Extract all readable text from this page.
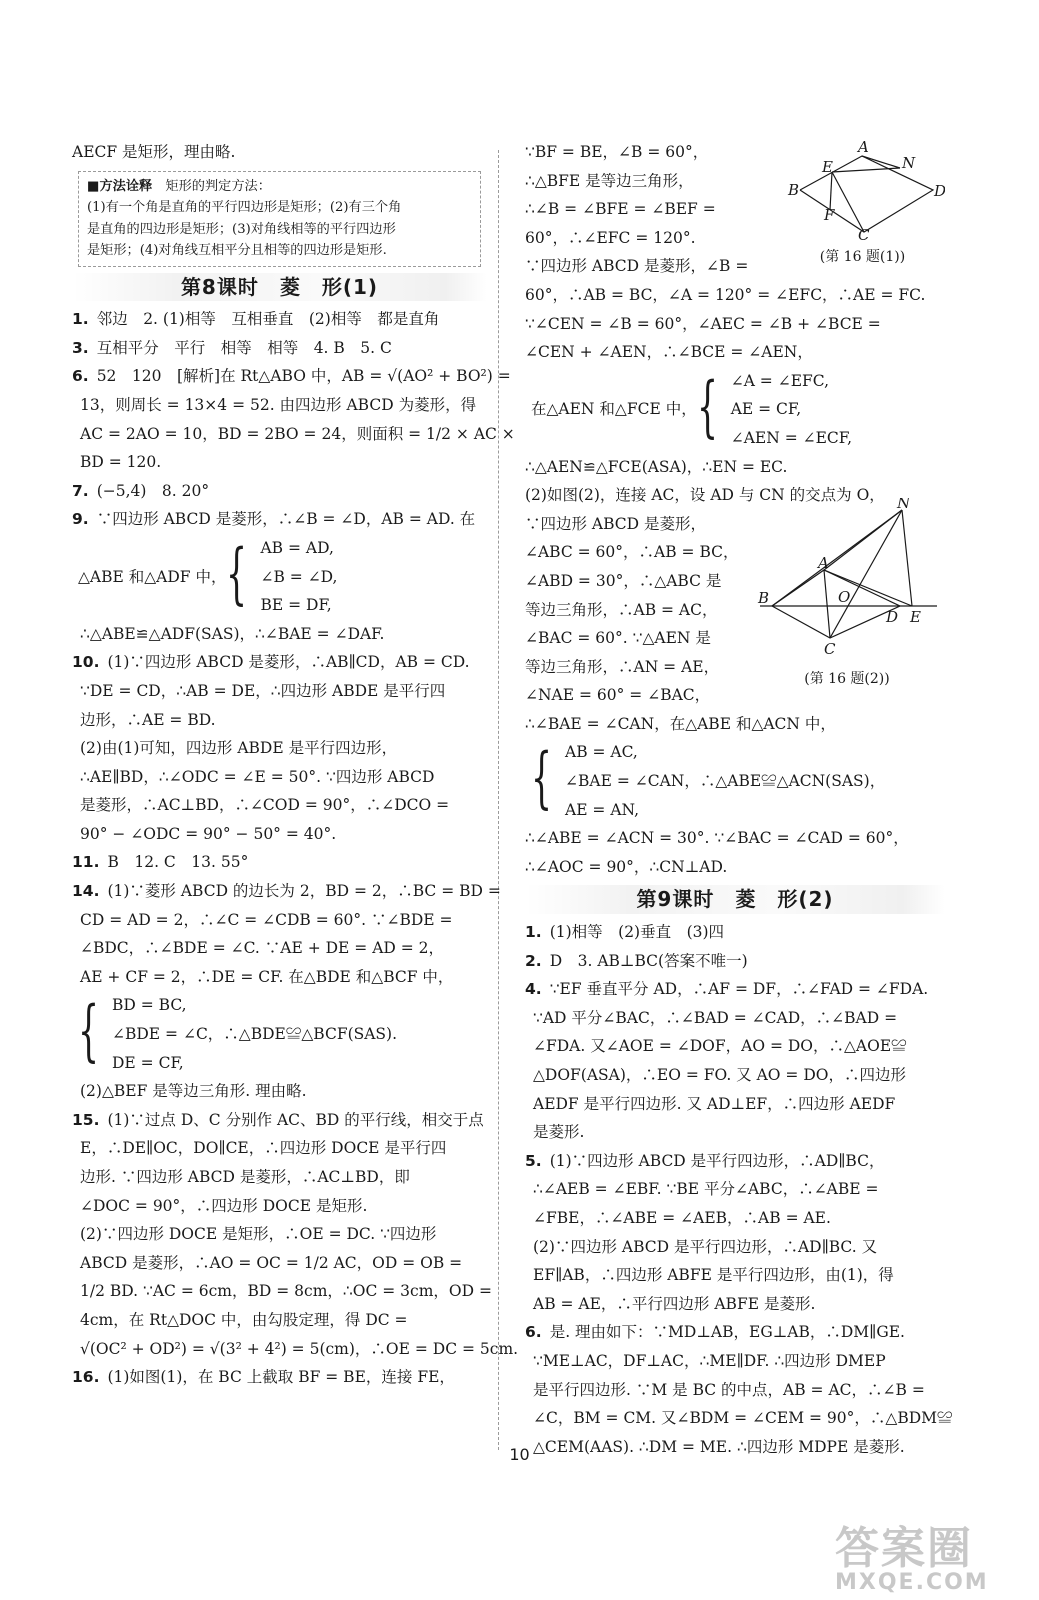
AECF 是矩形，理由略.
■方法诠释　 矩形的判定方法：
(1)有一个角是直角的平行四边形是矩形；(2)有三个角
是直角的四边形是矩形；(3)对角线相等的平行四边形
是矩形；(4)对角线互相平分且相等的四边形是矩形.
第8课时　菱　形(1)
1. 邻边　2. (1)相等　互相垂直　(2)相等　都是直角
3. 互相平分　平行　相等　相等　4. B　5. C
6. 52　120　[解析]在 Rt△ABO 中，AB = √(AO² + BO²) =
13，则周长 = 13×4 = 52. 由四边形 ABCD 为菱形，得
AC = 2AO = 10，BD = 2BO = 24，则面积 = 1/2 × AC ×
BD = 120.
7. (−5,4)　8. 20°
9. ∵四边形 ABCD 是菱形，∴∠B = ∠D，AB = AD. 在
△ABE 和△ADF 中， { AB = AD,
∠B = ∠D,
BE = DF,
∴△ABE≌△ADF(SAS)，∴∠BAE = ∠DAF.
10. (1)∵四边形 ABCD 是菱形，∴AB∥CD，AB = CD.
∵DE = CD，∴AB = DE，∴四边形 ABDE 是平行四
边形，∴AE = BD.
(2)由(1)可知，四边形 ABDE 是平行四边形，
∴AE∥BD，∴∠ODC = ∠E = 50°. ∵四边形 ABCD
是菱形，∴AC⊥BD，∴∠COD = 90°，∴∠DCO =
90° − ∠ODC = 90° − 50° = 40°.
11. B　12. C　13. 55°
14. (1)∵菱形 ABCD 的边长为 2，BD = 2，∴BC = BD =
CD = AD = 2，∴∠C = ∠CDB = 60°. ∵∠BDE =
∠BDC，∴∠BDE = ∠C. ∵AE + DE = AD = 2，
AE + CF = 2，∴DE = CF. 在△BDE 和△BCF 中，
{ BD = BC,
∠BDE = ∠C，∴△BDE≌△BCF(SAS).
DE = CF,
(2)△BEF 是等边三角形. 理由略.
15. (1)∵过点 D、C 分别作 AC、BD 的平行线，相交于点
E，∴DE∥OC，DO∥CE，∴四边形 DOCE 是平行四
边形. ∵四边形 ABCD 是菱形，∴AC⊥BD，即
∠DOC = 90°，∴四边形 DOCE 是矩形.
(2)∵四边形 DOCE 是矩形，∴OE = DC. ∵四边形
ABCD 是菱形，∴AO = OC = 1/2 AC，OD = OB =
1/2 BD. ∵AC = 6cm，BD = 8cm，∴OC = 3cm，OD =
4cm，在 Rt△DOC 中，由勾股定理，得 DC =
√(OC² + OD²) = √(3² + 4²) = 5(cm)，∴OE = DC = 5cm.
16. (1)如图(1)，在 BC 上截取 BF = BE，连接 FE，
∵BF = BE，∠B = 60°，
∴△BFE 是等边三角形，
∴∠B = ∠BFE = ∠BEF =
60°，∴∠EFC = 120°.
∵四边形 ABCD 是菱形，∠B =
60°，∴AB = BC，∠A = 120° = ∠EFC，∴AE = FC.
∵∠CEN = ∠B = 60°，∠AEC = ∠B + ∠BCE =
∠CEN + ∠AEN，∴∠BCE = ∠AEN，
在△AEN 和△FCE 中， { ∠A = ∠EFC,
AE = CF,
∠AEN = ∠ECF,
∴△AEN≌△FCE(ASA)，∴EN = EC.
(2)如图(2)，连接 AC，设 AD 与 CN 的交点为 O，
∵四边形 ABCD 是菱形，
∠ABC = 60°，∴AB = BC，
∠ABD = 30°，∴△ABC 是
等边三角形，∴AB = AC，
∠BAC = 60°. ∵△AEN 是
等边三角形，∴AN = AE，
∠NAE = 60° = ∠BAC，
∴∠BAE = ∠CAN，在△ABE 和△ACN 中，
{ AB = AC,
∠BAE = ∠CAN，∴△ABE≌△ACN(SAS)，
AE = AN,
∴∠ABE = ∠ACN = 30°. ∵∠BAC = ∠CAD = 60°，
∴∠AOC = 90°，∴CN⊥AD.
第9课时　菱　形(2)
1. (1)相等　(2)垂直　(3)四
2. D　3. AB⊥BC(答案不唯一)
4. ∵EF 垂直平分 AD，∴AF = DF，∴∠FAD = ∠FDA.
∵AD 平分∠BAC，∴∠BAD = ∠CAD，∴∠BAD =
∠FDA. 又∠AOE = ∠DOF，AO = DO，∴△AOE≌
△DOF(ASA)，∴EO = FO. 又 AO = DO，∴四边形
AEDF 是平行四边形. 又 AD⊥EF，∴四边形 AEDF
是菱形.
5. (1)∵四边形 ABCD 是平行四边形，∴AD∥BC，
∴∠AEB = ∠EBF. ∵BE 平分∠ABC，∴∠ABE =
∠FBE，∴∠ABE = ∠AEB，∴AB = AE.
(2)∵四边形 ABCD 是平行四边形，∴AD∥BC. 又
EF∥AB，∴四边形 ABFE 是平行四边形，由(1)，得
AB = AE，∴平行四边形 ABFE 是菱形.
6. 是. 理由如下：∵MD⊥AB，EG⊥AB，∴DM∥GE.
∵ME⊥AC，DF⊥AC，∴ME∥DF. ∴四边形 DMEP
是平行四边形. ∵M 是 BC 的中点，AB = AC，∴∠B =
∠C，BM = CM. 又∠BDM = ∠CEM = 90°，∴△BDM≌
△CEM(AAS). ∴DM = ME. ∴四边形 MDPE 是菱形.
A
N
E
B	D
F
C
(第 16 题(1))
N
A
B	O
D E
C
(第 16 题(2))
10
答案圈
MXQE.COM
